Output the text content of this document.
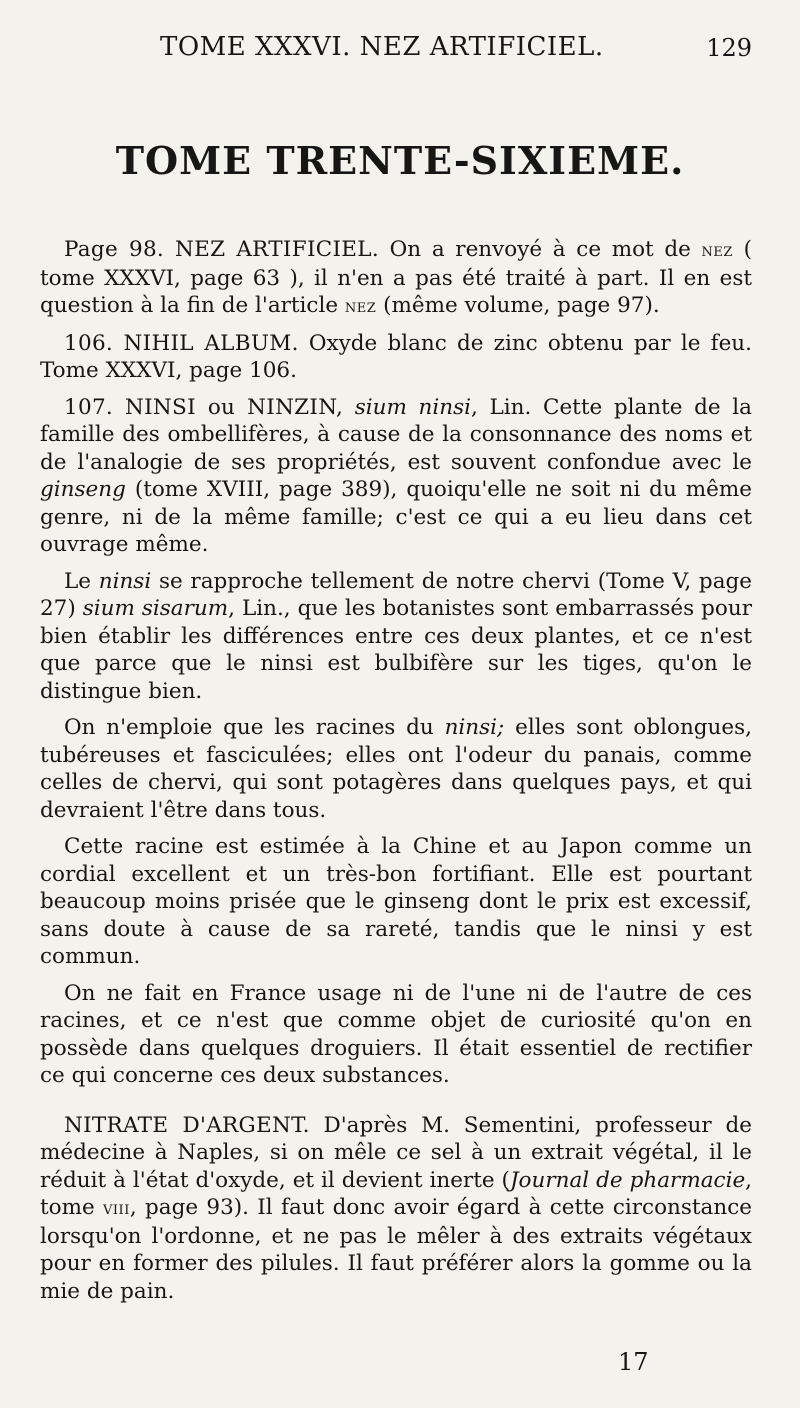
TOME XXXVI. NEZ ARTIFICIEL.	129
TOME TRENTE-SIXIEME.

Page 98. NEZ ARTIFICIEL. On a renvoyé à ce mot de nez ( tome XXXVI, page 63 ), il n'en a pas été traité à part. Il en est question à la fin de l'article nez (même volume, page 97).

106. NIHIL ALBUM. Oxyde blanc de zinc obtenu par le feu. Tome XXXVI, page 106.

107. NINSI ou NINZIN, sium ninsi, Lin. Cette plante de la famille des ombellifères, à cause de la consonnance des noms et de l'analogie de ses propriétés, est souvent confondue avec le ginseng (tome XVIII, page 389), quoiqu'elle ne soit ni du même genre, ni de la même famille; c'est ce qui a eu lieu dans cet ouvrage même.

Le ninsi se rapproche tellement de notre chervi (Tome V, page 27) sium sisarum, Lin., que les botanistes sont embarrassés pour bien établir les différences entre ces deux plantes, et ce n'est que parce que le ninsi est bulbifère sur les tiges, qu'on le distingue bien.

On n'emploie que les racines du ninsi; elles sont oblongues, tubéreuses et fasciculées; elles ont l'odeur du panais, comme celles de chervi, qui sont potagères dans quelques pays, et qui devraient l'être dans tous.

Cette racine est estimée à la Chine et au Japon comme un cordial excellent et un très-bon fortifiant. Elle est pourtant beaucoup moins prisée que le ginseng dont le prix est excessif, sans doute à cause de sa rareté, tandis que le ninsi y est commun.

On ne fait en France usage ni de l'une ni de l'autre de ces racines, et ce n'est que comme objet de curiosité qu'on en possède dans quelques droguiers. Il était essentiel de rectifier ce qui concerne ces deux substances.

NITRATE D'ARGENT. D'après M. Sementini, professeur de médecine à Naples, si on mêle ce sel à un extrait végétal, il le réduit à l'état d'oxyde, et il devient inerte (Journal de pharmacie, tome viii, page 93). Il faut donc avoir égard à cette circonstance lorsqu'on l'ordonne, et ne pas le mêler à des extraits végétaux pour en former des pilules. Il faut préférer alors la gomme ou la mie de pain.

17
